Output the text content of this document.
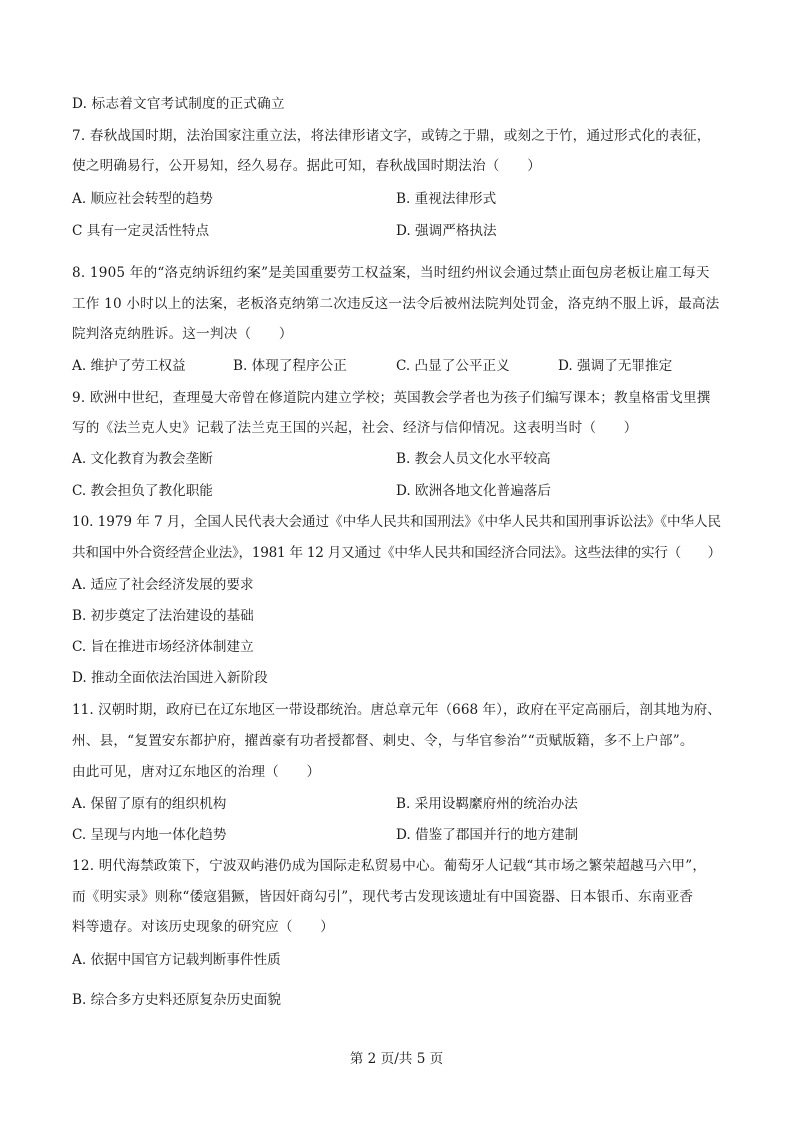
D. 标志着文官考试制度的正式确立
7. 春秋战国时期，法治国家注重立法，将法律形诸文字，或铸之于鼎，或刻之于竹，通过形式化的表征，
使之明确易行，公开易知，经久易存。据此可知，春秋战国时期法治（　　）
A. 顺应社会转型的趋势	B. 重视法律形式
C 具有一定灵活性特点	D. 强调严格执法
8. 1905 年的“洛克纳诉纽约案”是美国重要劳工权益案，当时纽约州议会通过禁止面包房老板让雇工每天
工作 10 小时以上的法案，老板洛克纳第二次违反这一法令后被州法院判处罚金，洛克纳不服上诉，最高法
院判洛克纳胜诉。这一判决（　　）
A. 维护了劳工权益	B. 体现了程序公正	C. 凸显了公平正义	D. 强调了无罪推定
9. 欧洲中世纪，查理曼大帝曾在修道院内建立学校；英国教会学者也为孩子们编写课本；教皇格雷戈里撰
写的《法兰克人史》记载了法兰克王国的兴起，社会、经济与信仰情况。这表明当时（　　）
A. 文化教育为教会垄断	B. 教会人员文化水平较高
C. 教会担负了教化职能	D. 欧洲各地文化普遍落后
10. 1979 年 7 月，全国人民代表大会通过《中华人民共和国刑法》《中华人民共和国刑事诉讼法》《中华人民
共和国中外合资经营企业法》，1981 年 12 月又通过《中华人民共和国经济合同法》。这些法律的实行（　　）
A. 适应了社会经济发展的要求
B. 初步奠定了法治建设的基础
C. 旨在推进市场经济体制建立
D. 推动全面依法治国进入新阶段
11. 汉朝时期，政府已在辽东地区一带设郡统治。唐总章元年（668 年），政府在平定高丽后，剖其地为府、
州、县，“复置安东都护府，擢酋豪有功者授都督、刺史、令，与华官参治”“贡赋版籍，多不上户部”。
由此可见，唐对辽东地区的治理（　　）
A. 保留了原有的组织机构	B. 采用设羁縻府州的统治办法
C. 呈现与内地一体化趋势	D. 借鉴了郡国并行的地方建制
12. 明代海禁政策下，宁波双屿港仍成为国际走私贸易中心。葡萄牙人记载“其市场之繁荣超越马六甲”，
而《明实录》则称“倭寇猖獗，皆因奸商勾引”，现代考古发现该遗址有中国瓷器、日本银币、东南亚香
料等遗存。对该历史现象的研究应（　　）
A. 依据中国官方记载判断事件性质
B. 综合多方史料还原复杂历史面貌
第 2 页/共 5 页
